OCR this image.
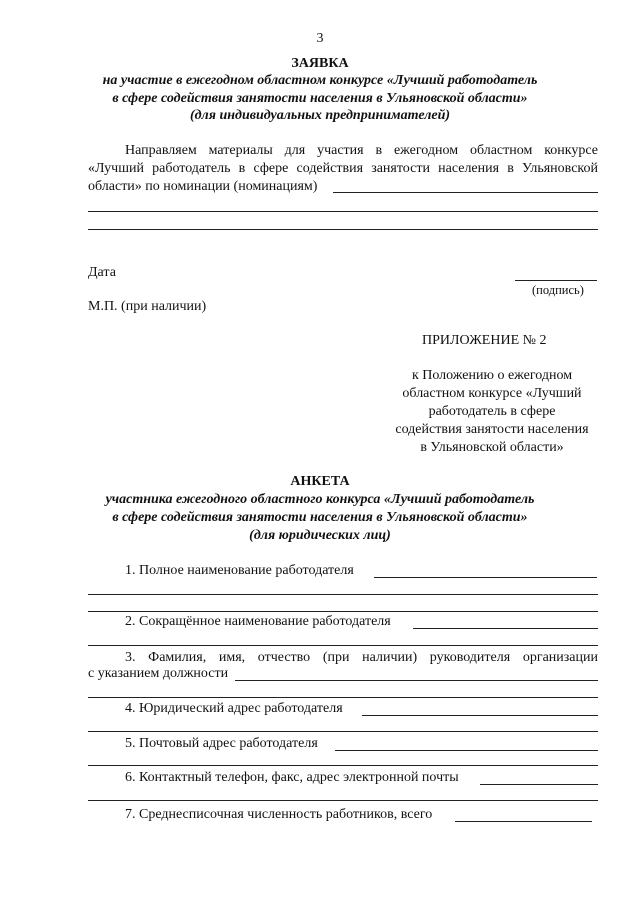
3
ЗАЯВКА
на участие в ежегодном областном конкурсе «Лучший работодатель
в сфере содействия занятости населения в Ульяновской области»
(для индивидуальных предпринимателей)
Направляем материалы для участия в ежегодном областном конкурсе
«Лучший работодатель в сфере содействия занятости населения в Ульяновской
области» по номинации (номинациям)
Дата
(подпись)
М.П. (при наличии)
ПРИЛОЖЕНИЕ № 2
к Положению о ежегодном
областном конкурсе «Лучший
работодатель в сфере
содействия занятости населения
в Ульяновской области»
АНКЕТА
участника ежегодного областного конкурса «Лучший работодатель
в сфере содействия занятости населения в Ульяновской области»
(для юридических лиц)
1. Полное наименование работодателя
2. Сокращённое наименование работодателя
3. Фамилия, имя, отчество (при наличии) руководителя организации
с указанием должности
4. Юридический адрес работодателя
5. Почтовый адрес работодателя
6. Контактный телефон, факс, адрес электронной почты
7. Среднесписочная численность работников, всего
